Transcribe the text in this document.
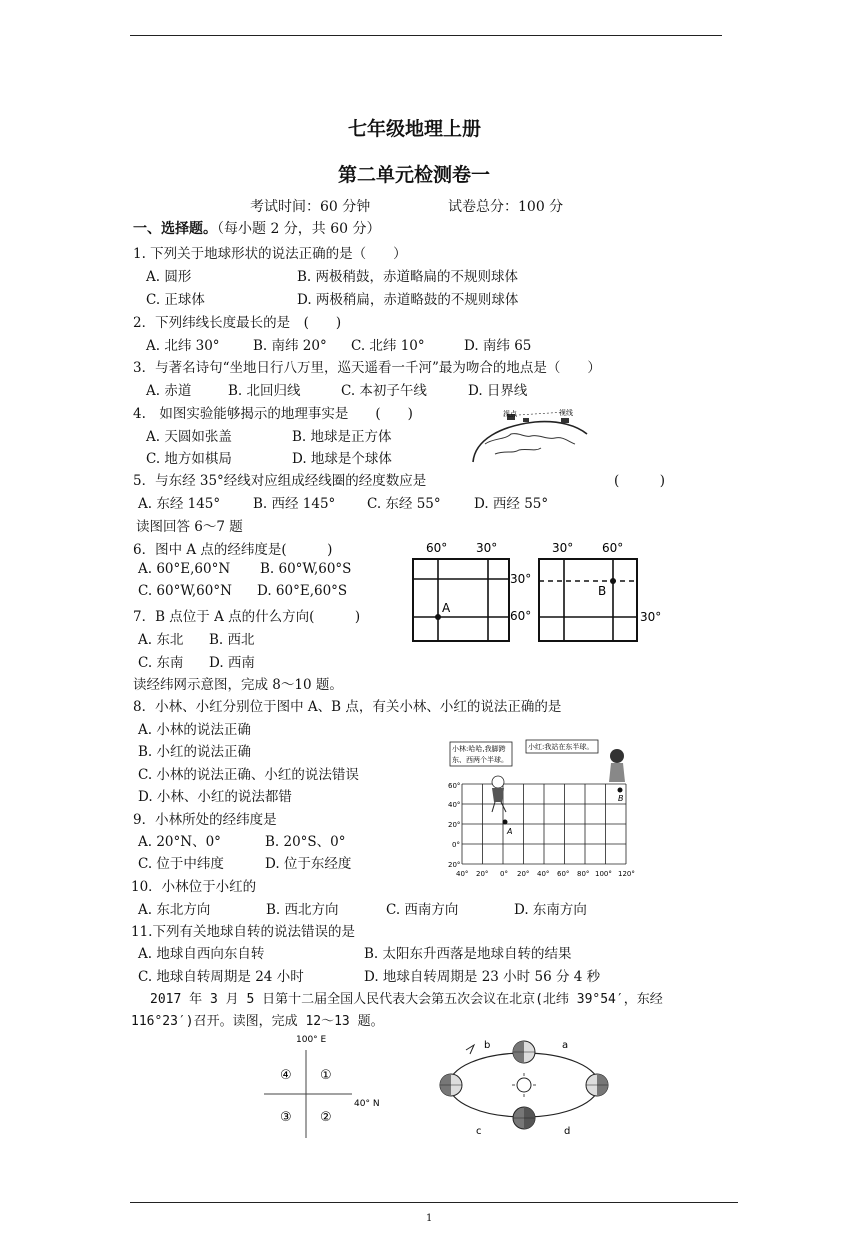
七年级地理上册
第二单元检测卷一
考试时间：60 分钟	试卷总分：100 分
一、选择题。（每小题 2 分，共 60 分）
1. 下列关于地球形状的说法正确的是（　　）
A. 圆形	B. 两极稍鼓，赤道略扁的不规则球体
C. 正球体	D. 两极稍扁，赤道略鼓的不规则球体
2．下列纬线长度最长的是　(　　)
A. 北纬 30° B. 南纬 20° C. 北纬 10°	D. 南纬 65
3．与著名诗句“坐地日行八万里，巡天遥看一千河”最为吻合的地点是（　　）
A. 赤道	B. 北回归线	C. 本初子午线	D. 日界线
4.　如图实验能够揭示的地理事实是　　(　　)
A. 天圆如张盖	B. 地球是正方体
C. 地方如棋局	D. 地球是个球体
视点	视线
5．与东经 35°经线对应组成经线圈的经度数应是	(　　　)
A. 东经 145° B. 西经 145° C. 东经 55° D. 西经 55°
读图回答 6～7 题
6．图中 A 点的经纬度是(　　　)
A. 60°E,60°N B. 60°W,60°S
C. 60°W,60°N D. 60°E,60°S
7．B 点位于 A 点的什么方向(　　　)
A. 东北 B. 西北
C. 东南 D. 西南
60° 30°
A
30°
60°
30° 60°
B
30°
读经纬网示意图，完成 8～10 题。
8．小林、小红分别位于图中 A、B 点，有关小林、小红的说法正确的是
A. 小林的说法正确
B. 小红的说法正确
C. 小林的说法正确、小红的说法错误
D. 小林、小红的说法都错
9．小林所处的经纬度是
A. 20°N、0°	B. 20°S、0°
C. 位于中纬度	D. 位于东经度
小林:哈哈,我脚跨
东、西两个半球。
小红:我站在东半球。
A
B
60°
40°
20°
0°
20°
40° 20° 0° 20° 40° 60° 80° 100° 120°
10．小林位于小红的
A. 东北方向	B. 西北方向	C. 西南方向	D. 东南方向
11.下列有关地球自转的说法错误的是
A. 地球自西向东自转	B. 太阳东升西落是地球自转的结果
C. 地球自转周期是 24 小时	D. 地球自转周期是 23 小时 56 分 4 秒
2017 年 3 月 5 日第十二届全国人民代表大会第五次会议在北京(北纬 39°54′，东经
116°23′)召开。读图，完成 12～13 题。
100° E
40° N
④ ①
③ ②
b	a
c	d
1
